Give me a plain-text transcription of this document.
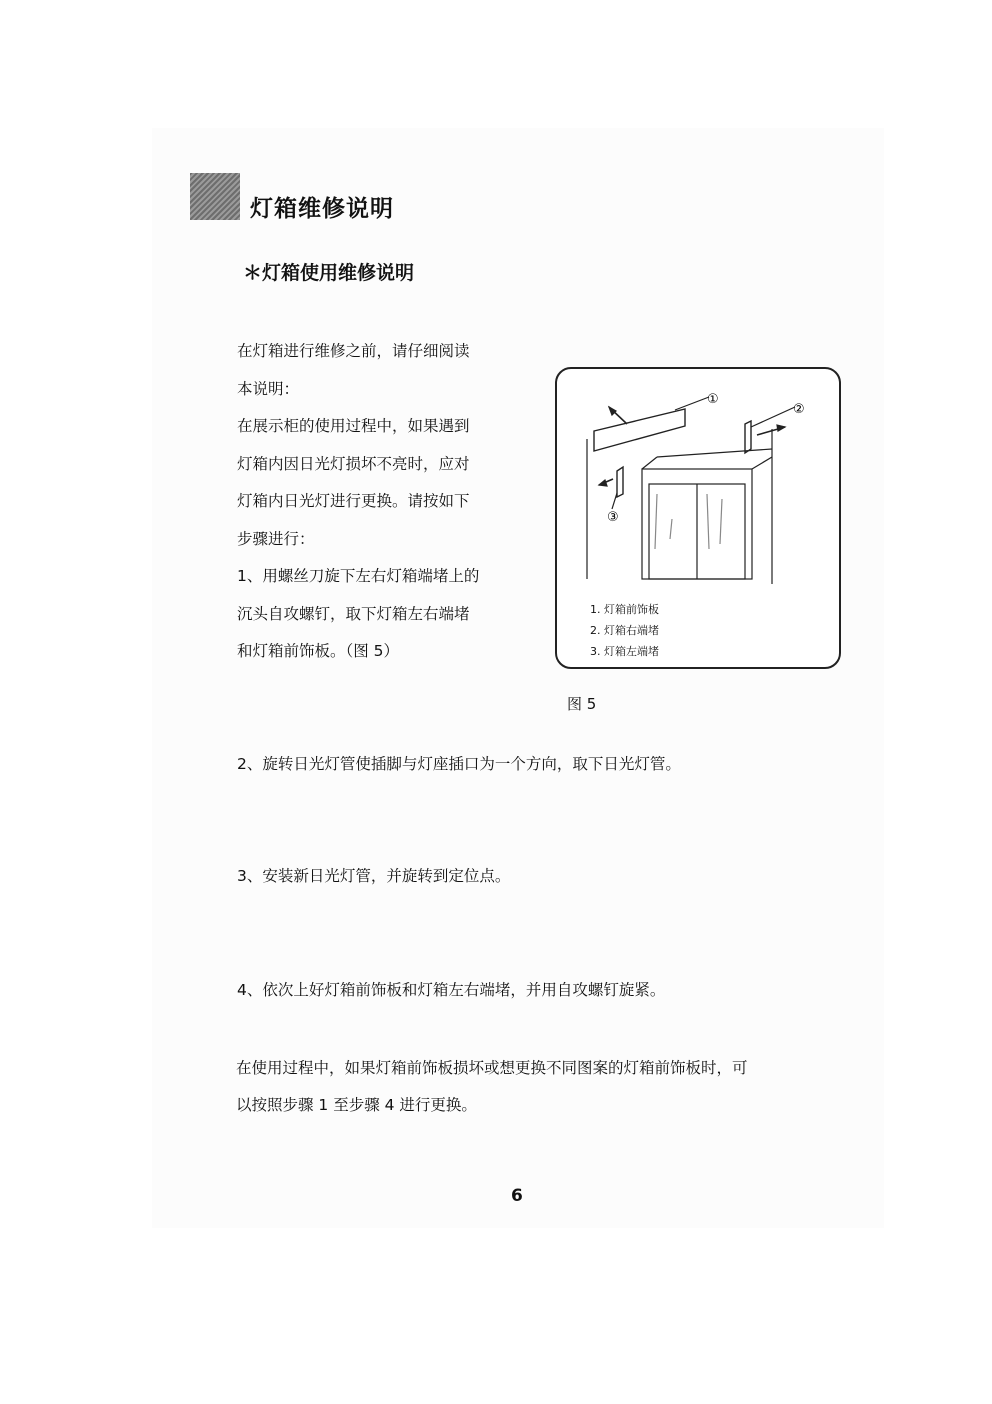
灯箱维修说明
＊灯箱使用维修说明
在灯箱进行维修之前，请仔细阅读
本说明：
在展示柜的使用过程中，如果遇到
灯箱内因日光灯损坏不亮时，应对
灯箱内日光灯进行更换。请按如下
步骤进行：
1、用螺丝刀旋下左右灯箱端堵上的
沉头自攻螺钉，取下灯箱左右端堵
和灯箱前饰板。（图 5）
①
②
③
1. 灯箱前饰板
2. 灯箱右端堵
3. 灯箱左端堵
图 5
2、旋转日光灯管使插脚与灯座插口为一个方向，取下日光灯管。
3、安装新日光灯管，并旋转到定位点。
4、依次上好灯箱前饰板和灯箱左右端堵，并用自攻螺钉旋紧。
在使用过程中，如果灯箱前饰板损坏或想更换不同图案的灯箱前饰板时，可
以按照步骤 1 至步骤 4 进行更换。
6
